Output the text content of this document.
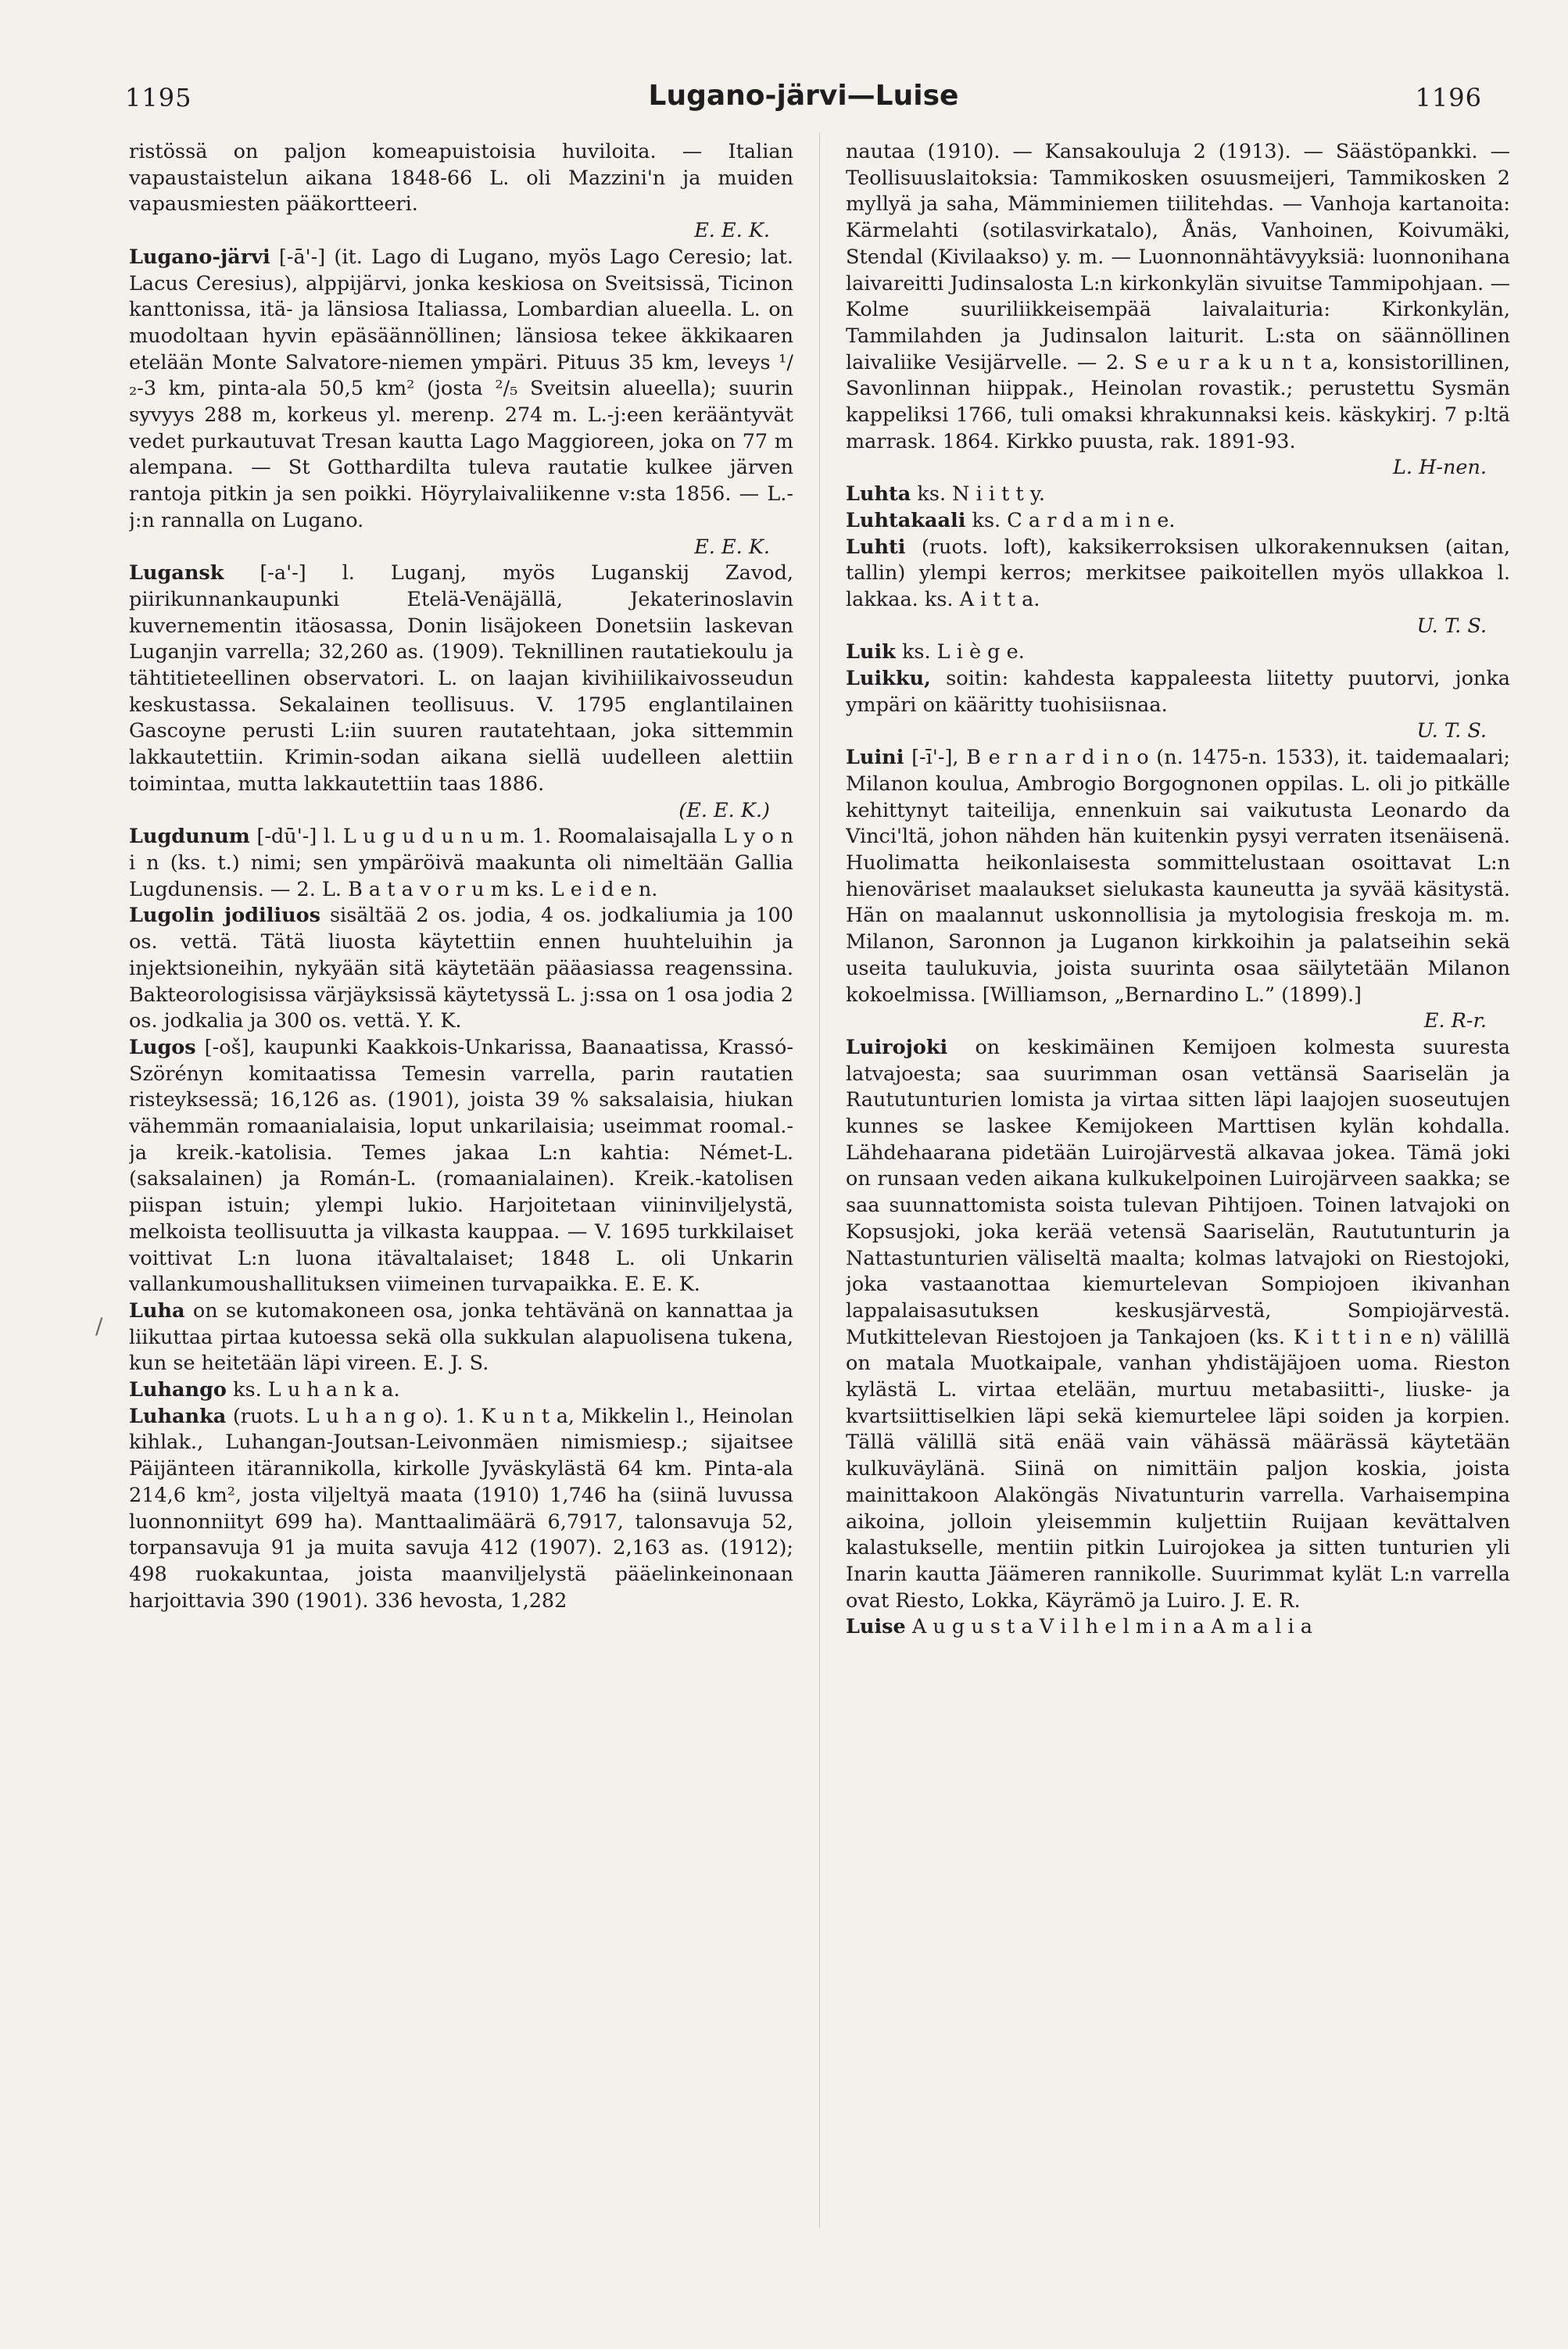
1195	Lugano-järvi—Luise	1196

ristössä on paljon komeapuistoisia huviloita. — Italian vapaustaistelun aikana 1848-66 L. oli Mazzini'n ja muiden vapausmiesten pääkortteeri.

E. E. K.

Lugano-järvi [-ā'-] (it. Lago di Lugano, myös Lago Ceresio; lat. Lacus Ceresius), alppijärvi, jonka keskiosa on Sveitsissä, Ticinon kanttonissa, itä- ja länsiosa Italiassa, Lombardian alueella. L. on muodoltaan hyvin epäsäännöllinen; länsiosa tekee äkkikaaren etelään Monte Salvatore-niemen ympäri. Pituus 35 km, leveys ¹/₂-3 km, pinta-ala 50,5 km² (josta ²/₅ Sveitsin alueella); suurin syvyys 288 m, korkeus yl. merenp. 274 m. L.-j:een kerääntyvät vedet purkautuvat Tresan kautta Lago Maggioreen, joka on 77 m alempana. — St Gotthardilta tuleva rautatie kulkee järven rantoja pitkin ja sen poikki. Höyrylaivaliikenne v:sta 1856. — L.-j:n rannalla on Lugano.

E. E. K.

Lugansk [-a'-] l. Luganj, myös Luganskij Zavod, piirikunnankaupunki Etelä-Venäjällä, Jekaterinoslavin kuvernementin itäosassa, Donin lisäjokeen Donetsiin laskevan Luganjin varrella; 32,260 as. (1909). Teknillinen rautatiekoulu ja tähtitieteellinen observatori. L. on laajan kivihiilikaivosseudun keskustassa. Sekalainen teollisuus. V. 1795 englantilainen Gascoyne perusti L:iin suuren rautatehtaan, joka sittemmin lakkautettiin. Krimin-sodan aikana siellä uudelleen alettiin toimintaa, mutta lakkautettiin taas 1886.

(E. E. K.)

Lugdunum [-dū'-] l. L u g u d u n u m. 1. Roomalaisajalla L y o n i n (ks. t.) nimi; sen ympäröivä maakunta oli nimeltään Gallia Lugdunensis. — 2. L. B a t a v o r u m ks. L e i d e n.

Lugolin jodiliuos sisältää 2 os. jodia, 4 os. jodkaliumia ja 100 os. vettä. Tätä liuosta käytettiin ennen huuhteluihin ja injektsioneihin, nykyään sitä käytetään pääasiassa reagenssina. Bakteorologisissa värjäyksissä käytetyssä L. j:ssa on 1 osa jodia 2 os. jodkalia ja 300 os. vettä. Y. K.

Lugos [-oš], kaupunki Kaakkois-Unkarissa, Baanaatissa, Krassó-Szörényn komitaatissa Temesin varrella, parin rautatien risteyksessä; 16,126 as. (1901), joista 39 % saksalaisia, hiukan vähemmän romaanialaisia, loput unkarilaisia; useimmat roomal.- ja kreik.-katolisia. Temes jakaa L:n kahtia: Német-L. (saksalainen) ja Román-L. (romaanialainen). Kreik.-katolisen piispan istuin; ylempi lukio. Harjoitetaan viininviljelystä, melkoista teollisuutta ja vilkasta kauppaa. — V. 1695 turkkilaiset voittivat L:n luona itävaltalaiset; 1848 L. oli Unkarin vallankumoushallituksen viimeinen turvapaikka. E. E. K.

Luha on se kutomakoneen osa, jonka tehtävänä on kannattaa ja liikuttaa pirtaa kutoessa sekä olla sukkulan alapuolisena tukena, kun se heitetään läpi vireen. E. J. S.

Luhango ks. L u h a n k a.

Luhanka (ruots. L u h a n g o). 1. K u n t a, Mikkelin l., Heinolan kihlak., Luhangan-Joutsan-Leivonmäen nimismiesp.; sijaitsee Päijänteen itärannikolla, kirkolle Jyväskylästä 64 km. Pinta-ala 214,6 km², josta viljeltyä maata (1910) 1,746 ha (siinä luvussa luonnonniityt 699 ha). Manttaalimäärä 6,7917, talonsavuja 52, torpansavuja 91 ja muita savuja 412 (1907). 2,163 as. (1912); 498 ruokakuntaa, joista maanviljelystä pääelinkeinonaan harjoittavia 390 (1901). 336 hevosta, 1,282

nautaa (1910). — Kansakouluja 2 (1913). — Säästöpankki. — Teollisuuslaitoksia: Tammikosken osuusmeijeri, Tammikosken 2 myllyä ja saha, Mämminiemen tiilitehdas. — Vanhoja kartanoita: Kärmelahti (sotilasvirkatalo), Ånäs, Vanhoinen, Koivumäki, Stendal (Kivilaakso) y. m. — Luonnonnähtävyyksiä: luonnonihana laivareitti Judinsalosta L:n kirkonkylän sivuitse Tammipohjaan. — Kolme suuriliikkeisempää laivalaituria: Kirkonkylän, Tammilahden ja Judinsalon laiturit. L:sta on säännöllinen laivaliike Vesijärvelle. — 2. S e u r a k u n t a, konsistorillinen, Savonlinnan hiippak., Heinolan rovastik.; perustettu Sysmän kappeliksi 1766, tuli omaksi khrakunnaksi keis. käskykirj. 7 p:ltä marrask. 1864. Kirkko puusta, rak. 1891-93.

L. H-nen.

Luhta ks. N i i t t y.

Luhtakaali ks. C a r d a m i n e.

Luhti (ruots. loft), kaksikerroksisen ulkorakennuksen (aitan, tallin) ylempi kerros; merkitsee paikoitellen myös ullakkoa l. lakkaa. ks. A i t t a.

U. T. S.

Luik ks. L i è g e.

Luikku, soitin: kahdesta kappaleesta liitetty puutorvi, jonka ympäri on kääritty tuohisiisnaa.

U. T. S.

Luini [-ī'-], B e r n a r d i n o (n. 1475-n. 1533), it. taidemaalari; Milanon koulua, Ambrogio Borgognonen oppilas. L. oli jo pitkälle kehittynyt taiteilija, ennenkuin sai vaikutusta Leonardo da Vinci'ltä, johon nähden hän kuitenkin pysyi verraten itsenäisenä. Huolimatta heikonlaisesta sommittelustaan osoittavat L:n hienoväriset maalaukset sielukasta kauneutta ja syvää käsitystä. Hän on maalannut uskonnollisia ja mytologisia freskoja m. m. Milanon, Saronnon ja Luganon kirkkoihin ja palatseihin sekä useita taulukuvia, joista suurinta osaa säilytetään Milanon kokoelmissa. [Williamson, „Bernardino L.” (1899).]

E. R-r.

Luirojoki on keskimäinen Kemijoen kolmesta suuresta latvajoesta; saa suurimman osan vettänsä Saariselän ja Raututunturien lomista ja virtaa sitten läpi laajojen suoseutujen kunnes se laskee Kemijokeen Marttisen kylän kohdalla. Lähdehaarana pidetään Luirojärvestä alkavaa jokea. Tämä joki on runsaan veden aikana kulkukelpoinen Luirojärveen saakka; se saa suunnattomista soista tulevan Pihtijoen. Toinen latvajoki on Kopsusjoki, joka kerää vetensä Saariselän, Raututunturin ja Nattastunturien väliseltä maalta; kolmas latvajoki on Riestojoki, joka vastaanottaa kiemurtelevan Sompiojoen ikivanhan lappalaisasutuksen keskusjärvestä, Sompiojärvestä. Mutkittelevan Riestojoen ja Tankajoen (ks. K i t t i n e n) välillä on matala Muotkaipale, vanhan yhdistäjäjoen uoma. Rieston kylästä L. virtaa etelään, murtuu metabasiitti-, liuske- ja kvartsiittiselkien läpi sekä kiemurtelee läpi soiden ja korpien. Tällä välillä sitä enää vain vähässä määrässä käytetään kulkuväylänä. Siinä on nimittäin paljon koskia, joista mainittakoon Alaköngäs Nivatunturin varrella. Varhaisempina aikoina, jolloin yleisemmin kuljettiin Ruijaan kevättalven kalastukselle, mentiin pitkin Luirojokea ja sitten tunturien yli Inarin kautta Jäämeren rannikolle. Suurimmat kylät L:n varrella ovat Riesto, Lokka, Käyrämö ja Luiro. J. E. R.

Luise A u g u s t a V i l h e l m i n a A m a l i a

/
